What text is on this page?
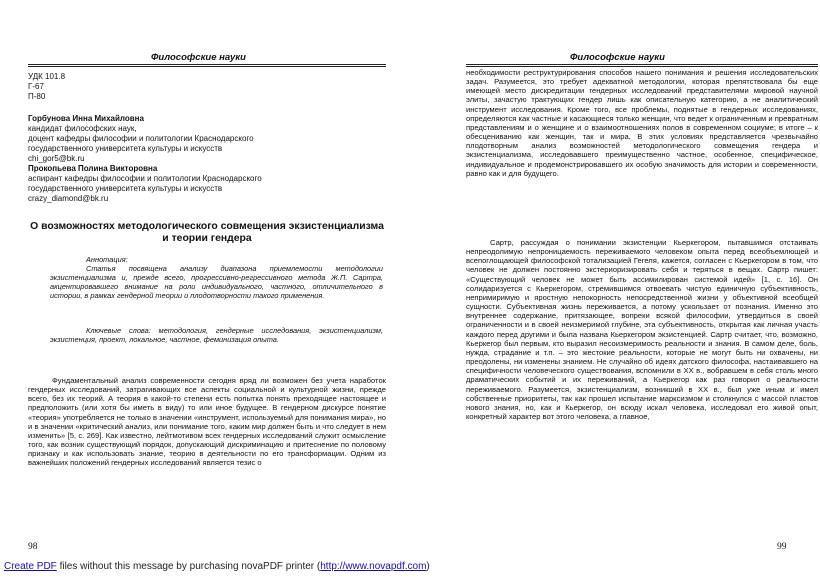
Философские науки

УДК 101.8

Г-67

П-80

Горбунова Инна Михайловна

кандидат философских наук,

доцент кафедры философии и политологии Краснодарского

государственного университета культуры и искусств

chi_gor5@bk.ru

Прокопьева Полина Викторовна

аспирант кафедры философии и политологии Краснодарского

государственного университета культуры и искусств

crazy_diamond@bk.ru

О возможностях методологического совмещения экзистенциализма и теории гендера

Аннотация:
Статья посвящена анализу диапазона приемлемости методологии экзистенциализма и, прежде всего, прогрессивно-регрессивного метода Ж.П. Сартра, акцентировавшего внимание на роли индивидуального, частного, отличительного в истории, в рамках гендерной теории и плодотворности такого применения.

Ключевые слова: методология, гендерные исследования, экзистенциализм, экзистенция, проект, локальное, частное, феминизация опыта.

Фундаментальный анализ современности сегодня вряд ли возможен без учета наработок гендерных исследований, затрагивающих все аспекты социальной и культурной жизни, прежде всего, без их теорий. А теория в какой-то степени есть попытка понять преходящее настоящее и предположить (или хотя бы иметь в виду) то или иное будущее. В гендерном дискурсе понятие «теория» употребляется не только в значении «инструмент, используемый для понимания мира», но и в значении «критический анализ, или понимание того, каким мир должен быть и что следует в нем изменить» [5, с. 269]. Как известно, лейтмотивом всех гендерных исследований служит осмысление того, как возник существующий порядок, допускающий дискриминацию и притеснение по половому признаку и как использовать знание, теорию в деятельности по его трансформации. Одним из важнейших положений гендерных исследований является тезис о

98
Философские науки

необходимости реструктурирования способов нашего понимания и решения исследовательских задач. Разумеется, это требует адекватной методологии, которая препятствовала бы еще имеющей место дискредитации гендерных исследований представителями мировой научной элиты, зачастую трактующих гендер лишь как описательную категорию, а не аналитический инструмент исследования. Кроме того, все проблемы, поднятые в гендерных исследованиях, определяются как частные и касающиеся только женщин, что ведет к ограниченным и превратным представлениям и о женщине и о взаимоотношениях полов в современном социуме; в итоге – к обесцениванию как женщин, так и мира. В этих условиях представляется чрезвычайно плодотворным анализ возможностей методологического совмещения гендера и экзистенциализма, исследовавшего преимущественно частное, особенное, специфическое, индивидуальное и продемонстрировавшего их особую значимость для истории и современности, равно как и для будущего.

Сартр, рассуждая о понимании экзистенции Кьеркегором, пытавшимся отстаивать непреодолимую непроницаемость переживаемого человеком опыта перед всеобъемлющей и всепоглощающей философской тотализацией Гегеля, кажется, согласен с Кьеркегором в том, что человек не должен постоянно экстериоризировать себя и теряться в вещах. Сартр пишет: «Существующий человек не может быть ассимилирован системой идей» [1, с. 16]. Он солидаризуется с Кьеркегором, стремившимся отвоевать чистую единичную субъективность, непримиримую и яростную непокорность непосредственной жизни у объективной всеобщей сущности. Субъективная жизнь переживается, а потому ускользает от познания. Именно это внутреннее содержание, притязающее, вопреки всякой философии, утвердиться в своей ограниченности и в своей неизмеримой глубине, эта субъективность, открытая как личная участь каждого перед другими и была названа Кьеркегором экзистенцией. Сартр считает, что, возможно, Кьеркегор был первым, кто выразил несоизмеримость реальности и знания. В самом деле, боль, нужда, страдание и т.п. – это жестокие реальности, которые не могут быть ни охвачены, ни преодолены, ни изменены знанием. Не случайно об идеях датского философа, настаивавшего на специфичности человеческого существования, вспомнили в XX в., вобравшем в себя столь много драматических событий и их переживаний, а Кьеркегор как раз говорил о реальности переживаемого. Разумеется, экзистенциализм, возникший в XX в., был уже иным и имел собственные приоритеты, так как прошел испытание марксизмом и столкнулся с массой пластов нового знания, но, как и Кьеркегор, он всюду искал человека, исследовал его живой опыт, конкретный характер вот этого человека, а главное,

99
Create PDF files without this message by purchasing novaPDF printer (http://www.novapdf.com)
